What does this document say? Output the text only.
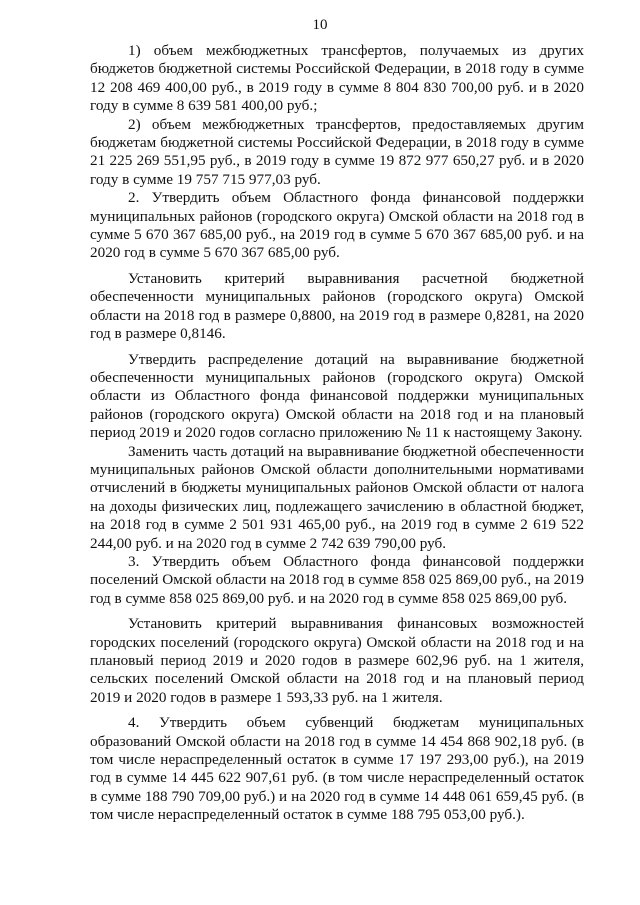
10

1) объем межбюджетных трансфертов, получаемых из других бюджетов бюджетной системы Российской Федерации, в 2018 году в сумме 12 208 469 400,00 руб., в 2019 году в сумме 8 804 830 700,00 руб. и в 2020 году в сумме 8 639 581 400,00 руб.;

2) объем межбюджетных трансфертов, предоставляемых другим бюджетам бюджетной системы Российской Федерации, в 2018 году в сумме 21 225 269 551,95 руб., в 2019 году в сумме 19 872 977 650,27 руб. и в 2020 году в сумме 19 757 715 977,03 руб.

2. Утвердить объем Областного фонда финансовой поддержки муниципальных районов (городского округа) Омской области на 2018 год в сумме 5 670 367 685,00 руб., на 2019 год в сумме 5 670 367 685,00 руб. и на 2020 год в сумме 5 670 367 685,00 руб.

Установить критерий выравнивания расчетной бюджетной обеспеченности муниципальных районов (городского округа) Омской области на 2018 год в размере 0,8800, на 2019 год в размере 0,8281, на 2020 год в размере 0,8146.

Утвердить распределение дотаций на выравнивание бюджетной обеспеченности муниципальных районов (городского округа) Омской области из Областного фонда финансовой поддержки муниципальных районов (городского округа) Омской области на 2018 год и на плановый период 2019 и 2020 годов согласно приложению № 11 к настоящему Закону.

Заменить часть дотаций на выравнивание бюджетной обеспеченности муниципальных районов Омской области дополнительными нормативами отчислений в бюджеты муниципальных районов Омской области от налога на доходы физических лиц, подлежащего зачислению в областной бюджет, на 2018 год в сумме 2 501 931 465,00 руб., на 2019 год в сумме 2 619 522 244,00 руб. и на 2020 год в сумме 2 742 639 790,00 руб.

3. Утвердить объем Областного фонда финансовой поддержки поселений Омской области на 2018 год в сумме 858 025 869,00 руб., на 2019 год в сумме 858 025 869,00 руб. и на 2020 год в сумме 858 025 869,00 руб.

Установить критерий выравнивания финансовых возможностей городских поселений (городского округа) Омской области на 2018 год и на плановый период 2019 и 2020 годов в размере 602,96 руб. на 1 жителя, сельских поселений Омской области на 2018 год и на плановый период 2019 и 2020 годов в размере 1 593,33 руб. на 1 жителя.

4. Утвердить объем субвенций бюджетам муниципальных образований Омской области на 2018 год в сумме 14 454 868 902,18 руб. (в том числе нераспределенный остаток в сумме 17 197 293,00 руб.), на 2019 год в сумме 14 445 622 907,61 руб. (в том числе нераспределенный остаток в сумме 188 790 709,00 руб.) и на 2020 год в сумме 14 448 061 659,45 руб. (в том числе нераспределенный остаток в сумме 188 795 053,00 руб.).
